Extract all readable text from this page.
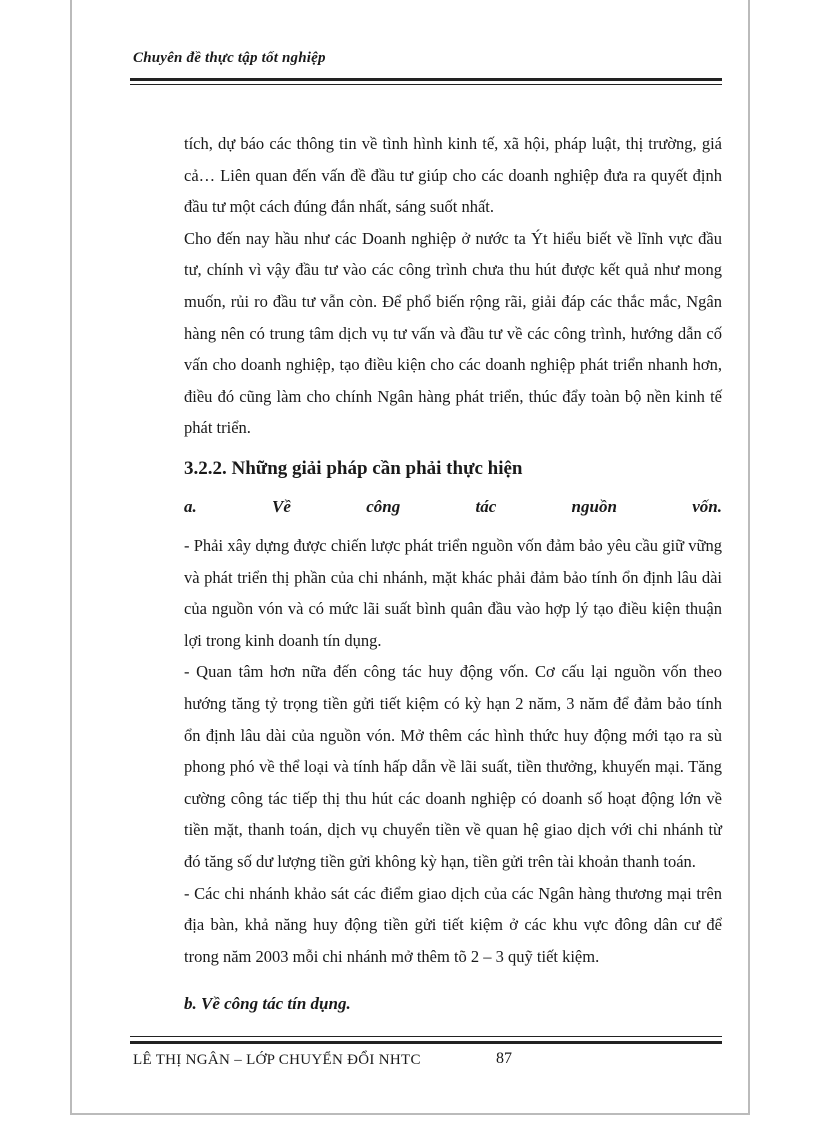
Chuyên đề thực tập tốt nghiệp

tích, dự báo các thông tin về tình hình kinh tế, xã hội, pháp luật, thị trường, giá cả… Liên quan đến vấn đề đầu tư giúp cho các doanh nghiệp đưa ra quyết định đầu tư một cách đúng đắn nhất, sáng suốt nhất.

Cho đến nay hầu như các Doanh nghiệp ở nước ta Ýt hiểu biết về lĩnh vực đầu tư, chính vì vậy đầu tư vào các công trình chưa thu hút được kết quả như mong muốn, rủi ro đầu tư vẫn còn. Để phổ biến rộng rãi, giải đáp các thắc mắc, Ngân hàng nên có trung tâm dịch vụ tư vấn và đầu tư về các công trình, hướng dẫn cố vấn cho doanh nghiệp, tạo điều kiện cho các doanh nghiệp phát triển nhanh hơn, điều đó cũng làm cho chính Ngân hàng phát triển, thúc đẩy toàn bộ nền kinh tế phát triển.

3.2.2. Những giải pháp cần phải thực hiện
a.	Về	công	tác	nguồn	vốn.

- Phải xây dựng được chiến lược phát triển nguồn vốn đảm bảo yêu cầu giữ vững và phát triển thị phần của chi nhánh, mặt khác phải đảm bảo tính ổn định lâu dài của nguồn vón và có mức lãi suất bình quân đầu vào hợp lý tạo điều kiện thuận lợi trong kinh doanh tín dụng.

- Quan tâm hơn nữa đến công tác huy động vốn. Cơ cấu lại nguồn vốn theo hướng tăng tỷ trọng tiền gửi tiết kiệm có kỳ hạn 2 năm, 3 năm để đảm bảo tính ổn định lâu dài của nguồn vón. Mở thêm các hình thức huy động mới tạo ra sù phong phó về thể loại và tính hấp dẫn về lãi suất, tiền thưởng, khuyến mại. Tăng cường công tác tiếp thị thu hút các doanh nghiệp có doanh số hoạt động lớn về tiền mặt, thanh toán, dịch vụ chuyển tiền về quan hệ giao dịch với chi nhánh từ đó tăng số dư lượng tiền gửi không kỳ hạn, tiền gửi trên tài khoản thanh toán.

- Các chi nhánh khảo sát các điểm giao dịch của các Ngân hàng thương mại trên địa bàn, khả năng huy động tiền gửi tiết kiệm ở các khu vực đông dân cư để trong năm 2003 mỗi chi nhánh mở thêm tõ 2 – 3 quỹ tiết kiệm.

b. Về công tác tín dụng.
LÊ THỊ NGÂN – LỚP CHUYỂN ĐỔI NHTC	87
